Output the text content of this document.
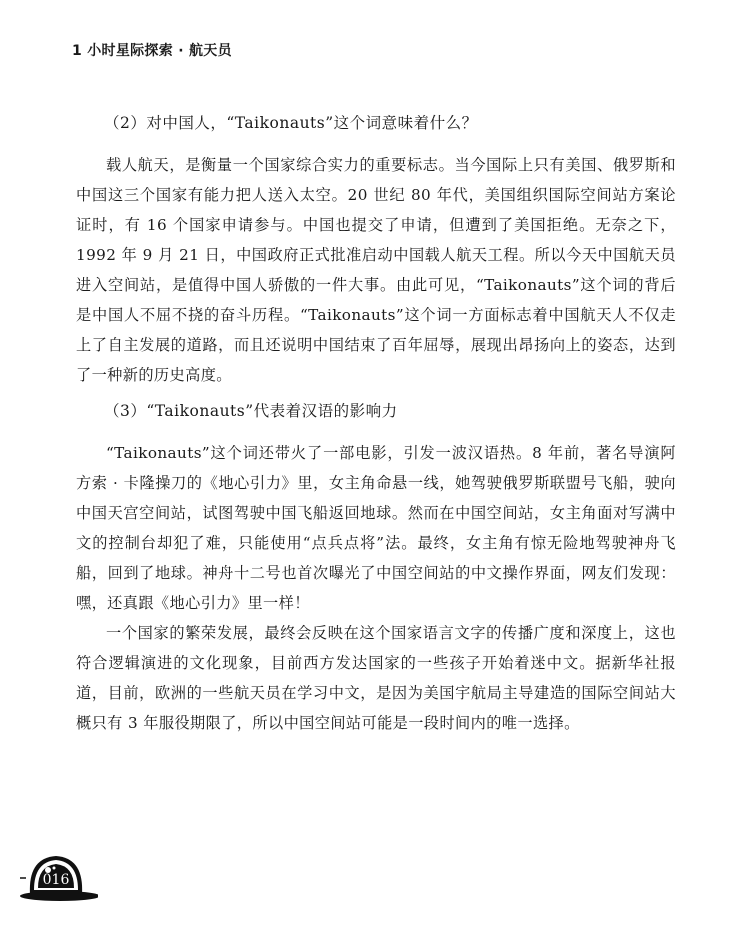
1 小时星际探索 · 航天员
（2）对中国人，“Taikonauts”这个词意味着什么？

载人航天，是衡量一个国家综合实力的重要标志。当今国际上只有美国、俄罗斯和中国这三个国家有能力把人送入太空。20 世纪 80 年代，美国组织国际空间站方案论证时，有 16 个国家申请参与。中国也提交了申请，但遭到了美国拒绝。无奈之下，1992 年 9 月 21 日，中国政府正式批准启动中国载人航天工程。所以今天中国航天员进入空间站，是值得中国人骄傲的一件大事。由此可见，“Taikonauts”这个词的背后是中国人不屈不挠的奋斗历程。“Taikonauts”这个词一方面标志着中国航天人不仅走上了自主发展的道路，而且还说明中国结束了百年屈辱，展现出昂扬向上的姿态，达到了一种新的历史高度。

（3）“Taikonauts”代表着汉语的影响力

“Taikonauts”这个词还带火了一部电影，引发一波汉语热。8 年前，著名导演阿方索 · 卡隆操刀的《地心引力》里，女主角命悬一线，她驾驶俄罗斯联盟号飞船，驶向中国天宫空间站，试图驾驶中国飞船返回地球。然而在中国空间站，女主角面对写满中文的控制台却犯了难，只能使用“点兵点将”法。最终，女主角有惊无险地驾驶神舟飞船，回到了地球。神舟十二号也首次曝光了中国空间站的中文操作界面，网友们发现：嘿，还真跟《地心引力》里一样！

一个国家的繁荣发展，最终会反映在这个国家语言文字的传播广度和深度上，这也符合逻辑演进的文化现象，目前西方发达国家的一些孩子开始着迷中文。据新华社报道，目前，欧洲的一些航天员在学习中文，是因为美国宇航局主导建造的国际空间站大概只有 3 年服役期限了，所以中国空间站可能是一段时间内的唯一选择。

016
